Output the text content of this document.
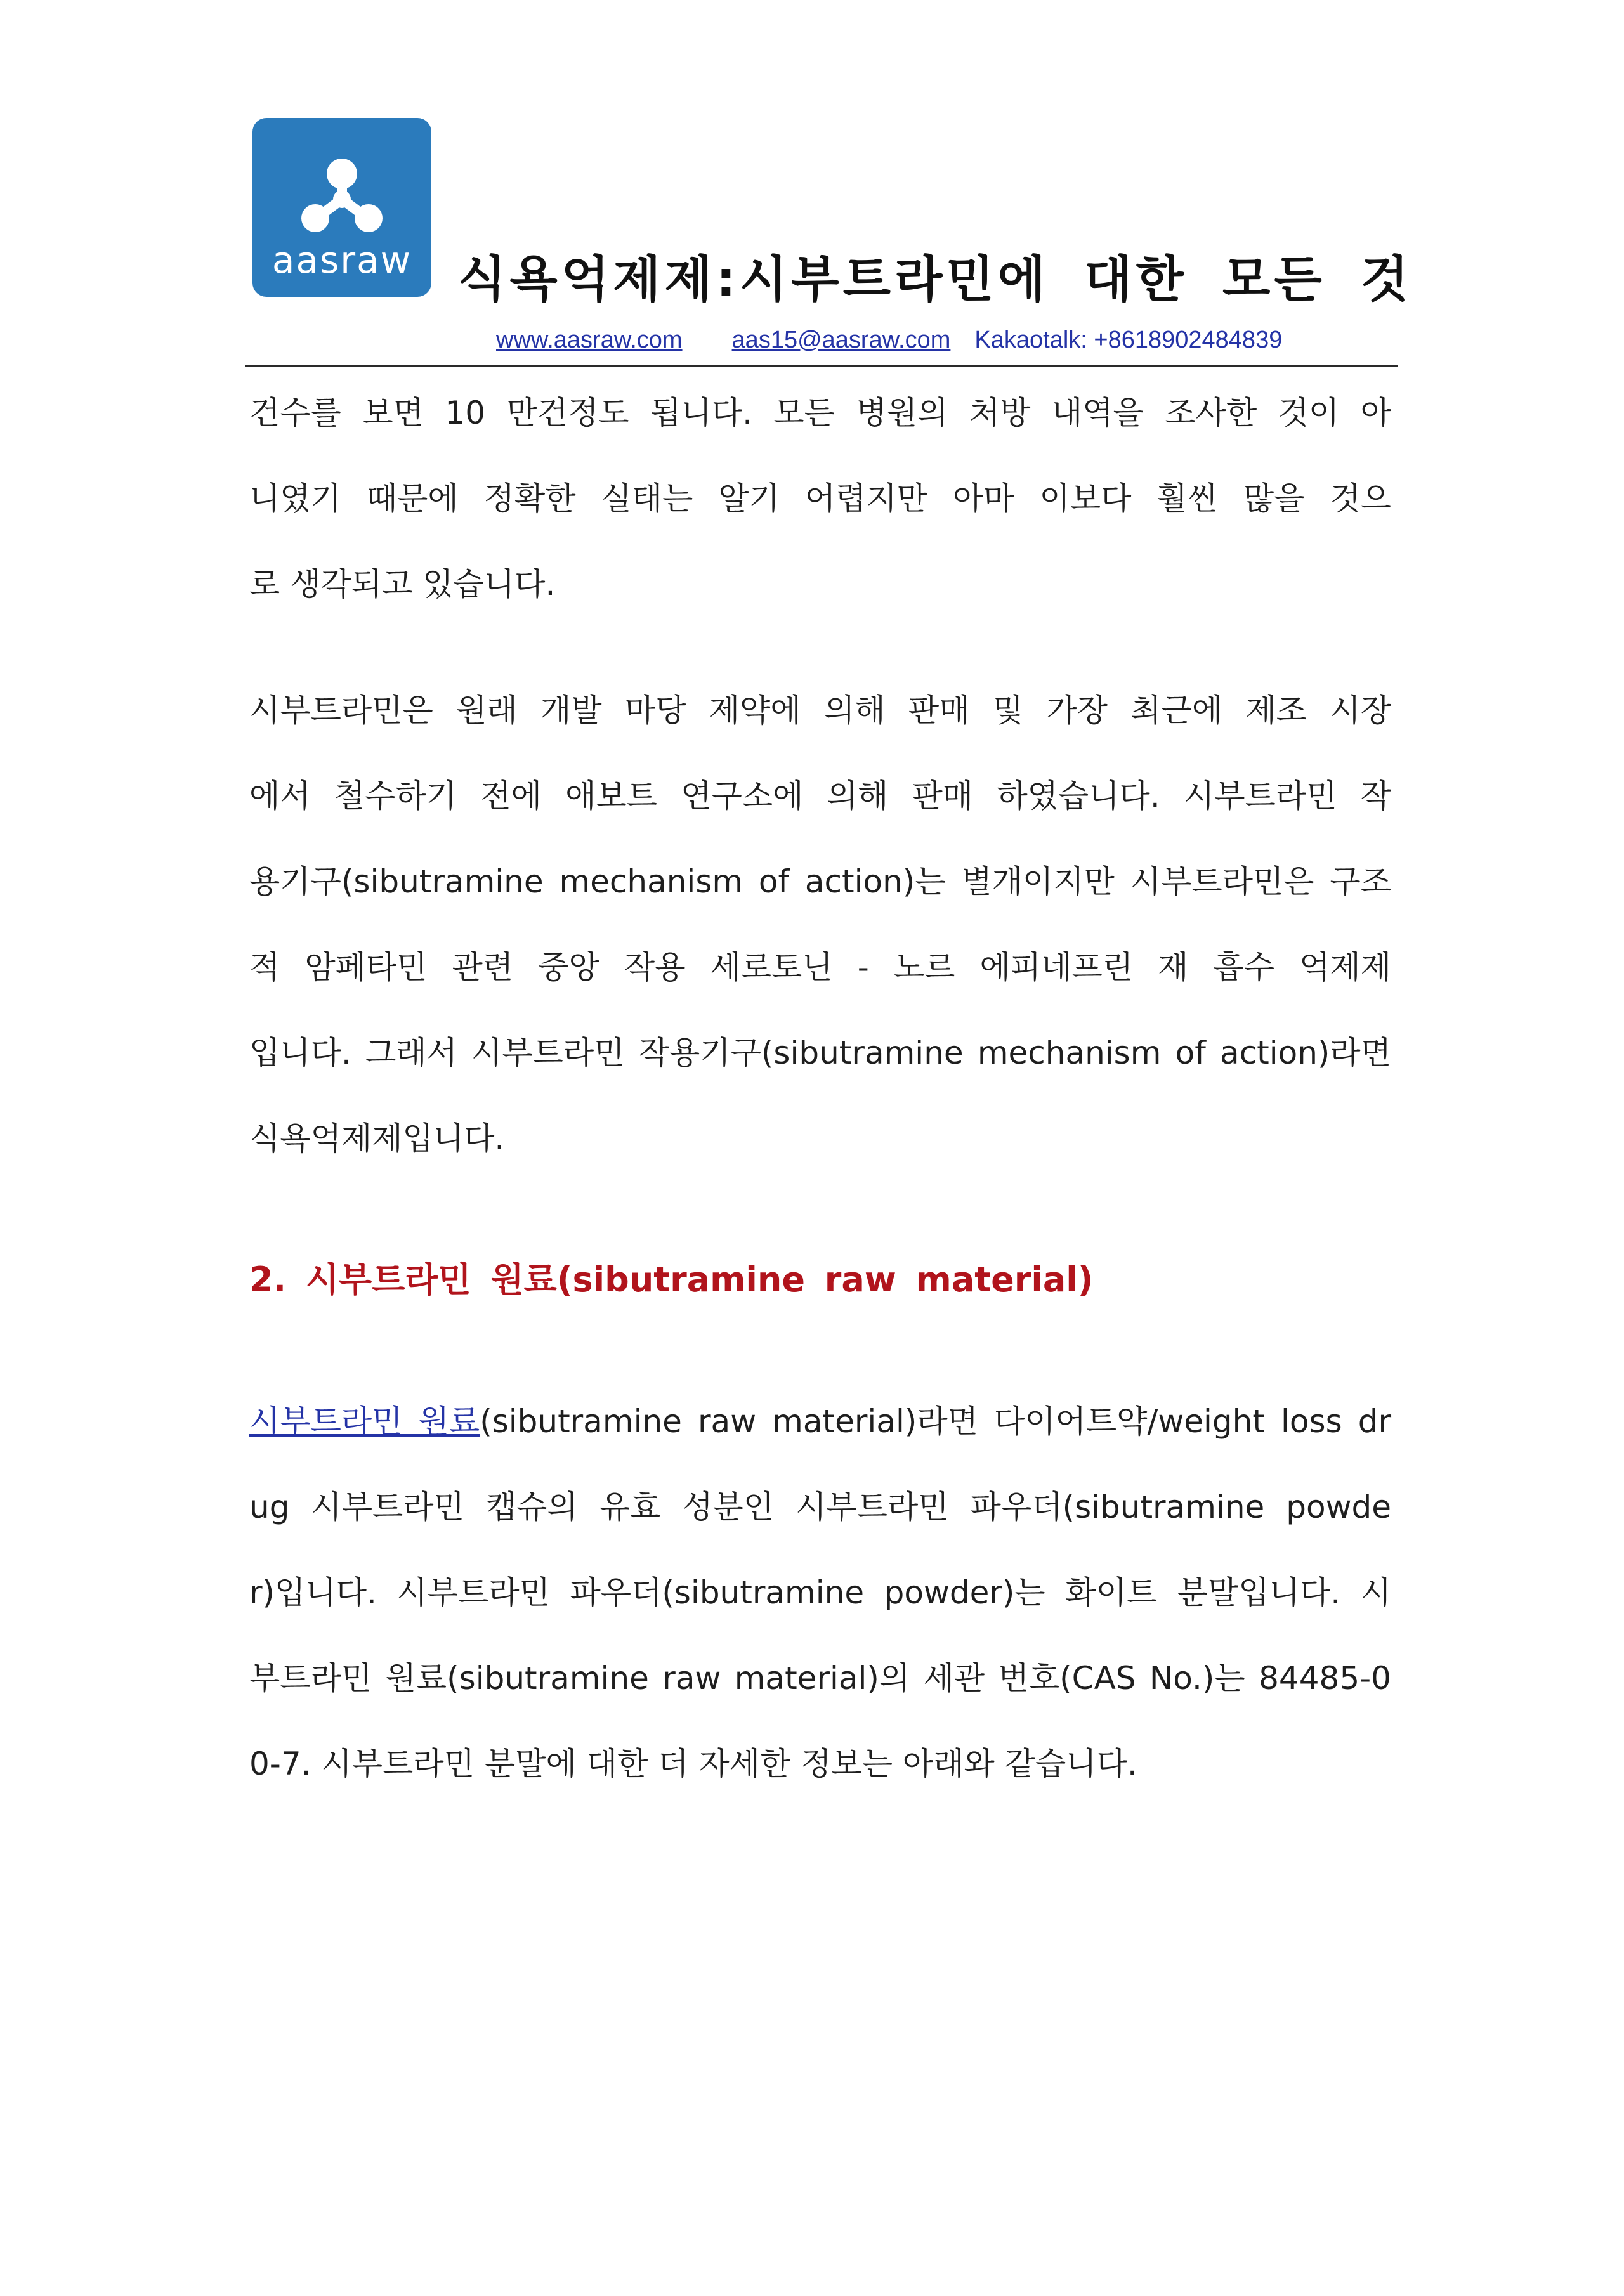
aasraw 식욕억제제:시부트라민에 대한 모든 것
www.aasraw.com aas15@aasraw.com Kakaotalk: +8618902484839
건수를 보면 10 만건정도 됩니다. 모든 병원의 처방 내역을 조사한 것이 아
니였기 때문에 정확한 실태는 알기 어렵지만 아마 이보다 훨씬 많을 것으
로 생각되고 있습니다.
시부트라민은 원래 개발 마당 제약에 의해 판매 및 가장 최근에 제조 시장
에서 철수하기 전에 애보트 연구소에 의해 판매 하였습니다. 시부트라민 작
용기구(sibutramine mechanism of action)는 별개이지만 시부트라민은 구조
적 암페타민 관련 중앙 작용 세로토닌 - 노르 에피네프린 재 흡수 억제제
입니다. 그래서 시부트라민 작용기구(sibutramine mechanism of action)라면
식욕억제제입니다.
2. 시부트라민 원료(sibutramine raw material)
시부트라민 원료(sibutramine raw material)라면 다이어트약/weight loss dr
ug 시부트라민 캡슈의 유효 성분인 시부트라민 파우더(sibutramine powde
r)입니다. 시부트라민 파우더(sibutramine powder)는 화이트 분말입니다. 시
부트라민 원료(sibutramine raw material)의 세관 번호(CAS No.)는 84485-0
0-7. 시부트라민 분말에 대한 더 자세한 정보는 아래와 같습니다.
